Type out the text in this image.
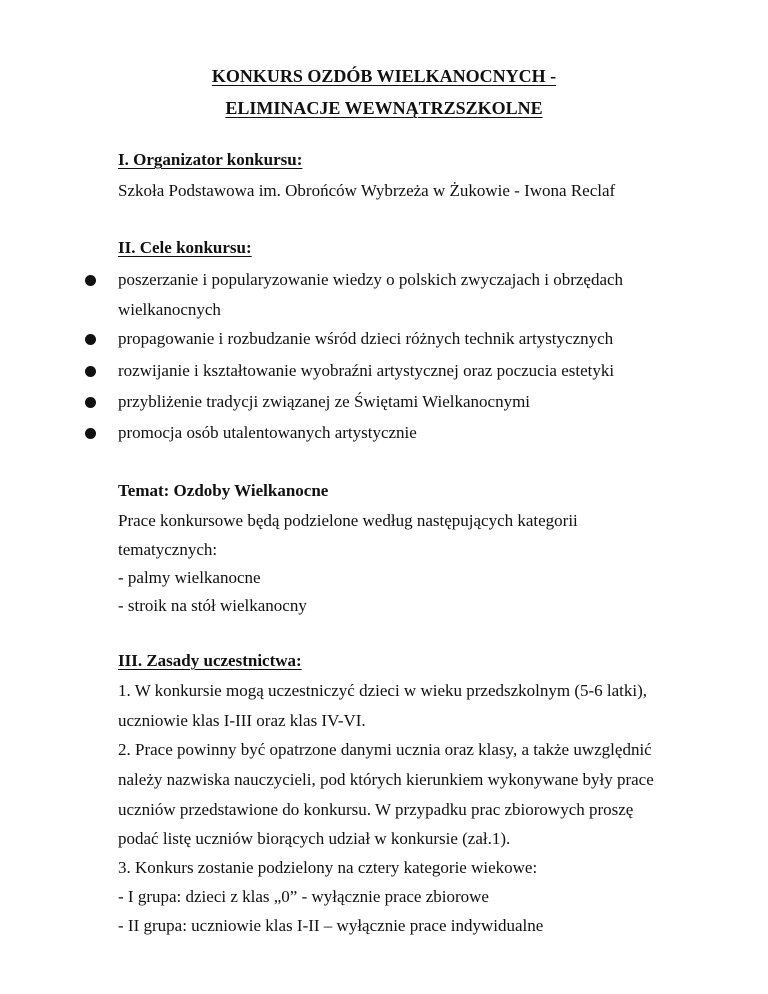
KONKURS OZDÓB WIELKANOCNYCH -
ELIMINACJE WEWNĄTRZSZKOLNE
I. Organizator konkursu:
Szkoła Podstawowa im. Obrońców Wybrzeża w Żukowie - Iwona Reclaf
II. Cele konkursu:
poszerzanie i popularyzowanie wiedzy o polskich zwyczajach i obrzędach
wielkanocnych
propagowanie i rozbudzanie wśród dzieci różnych technik artystycznych
rozwijanie i kształtowanie wyobraźni artystycznej oraz poczucia estetyki
przybliżenie tradycji związanej ze Świętami Wielkanocnymi
promocja osób utalentowanych artystycznie
Temat: Ozdoby Wielkanocne
Prace konkursowe będą podzielone według następujących kategorii
tematycznych:
- palmy wielkanocne
- stroik na stół wielkanocny
III. Zasady uczestnictwa:
1. W konkursie mogą uczestniczyć dzieci w wieku przedszkolnym (5-6 latki),
uczniowie klas I-III oraz klas IV-VI.
2. Prace powinny być opatrzone danymi ucznia oraz klasy, a także uwzględnić
należy nazwiska nauczycieli, pod których kierunkiem wykonywane były prace
uczniów przedstawione do konkursu. W przypadku prac zbiorowych proszę
podać listę uczniów biorących udział w konkursie (zał.1).
3. Konkurs zostanie podzielony na cztery kategorie wiekowe:
- I grupa: dzieci z klas „0” - wyłącznie prace zbiorowe
- II grupa: uczniowie klas I-II – wyłącznie prace indywidualne
